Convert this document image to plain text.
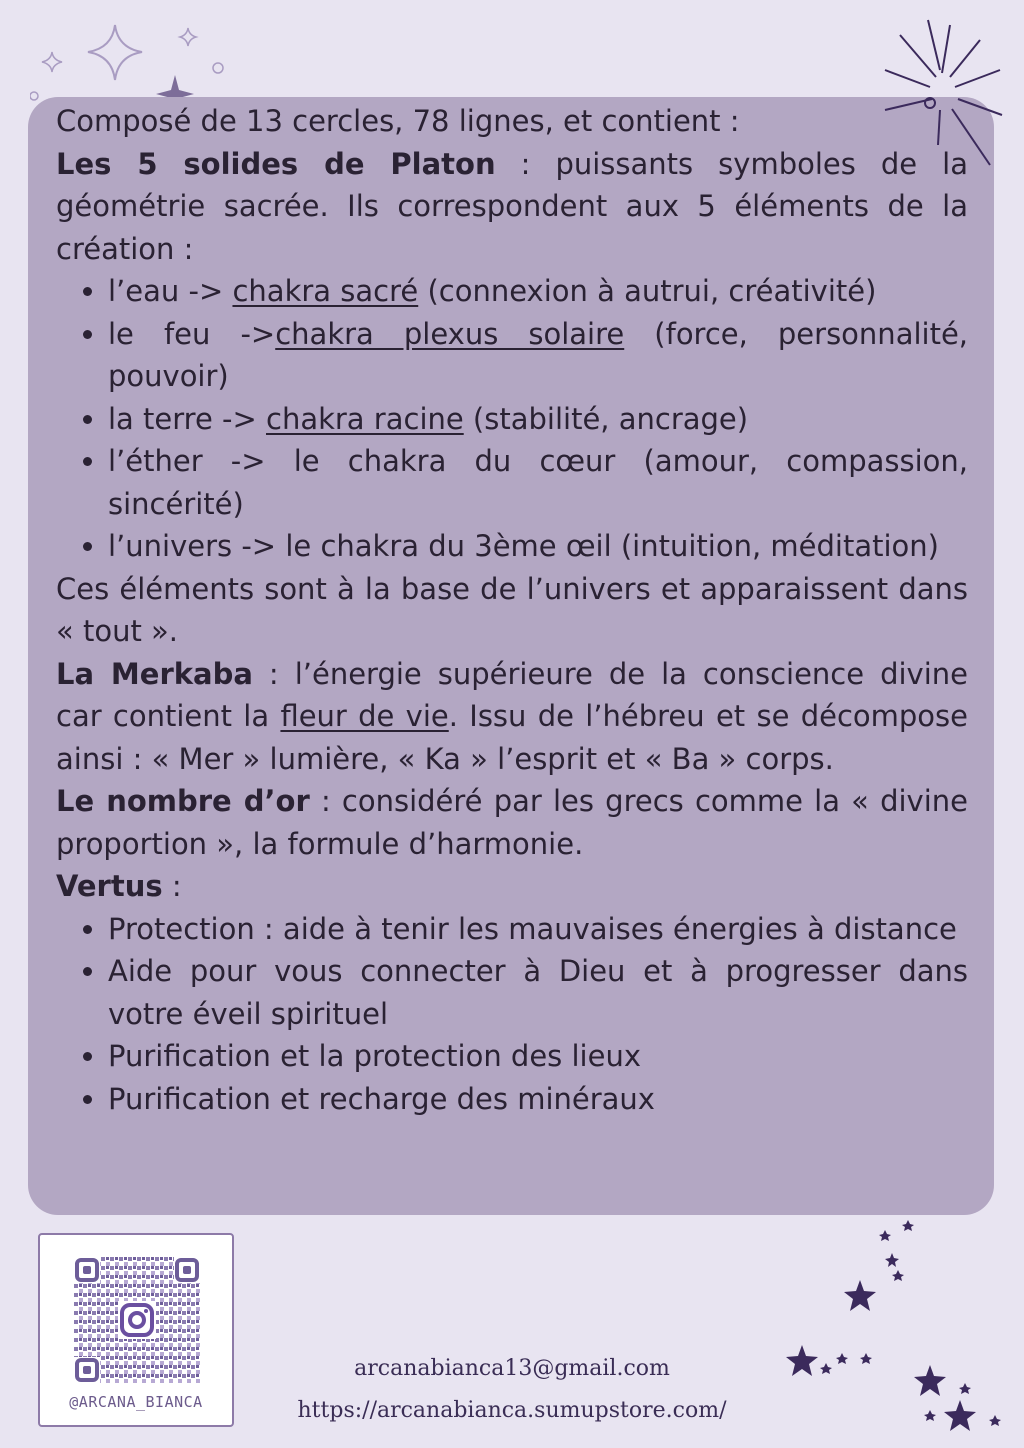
Composé de 13 cercles, 78 lignes, et contient :

Les 5 solides de Platon : puissants symboles de la géométrie sacrée. Ils correspondent aux 5 éléments de la création :

• l’eau -> chakra sacré (connexion à autrui, créativité)
• le feu ->chakra plexus solaire (force, personnalité, pouvoir)
• la terre -> chakra racine (stabilité, ancrage)
• l’éther -> le chakra du cœur (amour, compassion, sincérité)
• l’univers -> le chakra du 3ème œil (intuition, méditation)

Ces éléments sont à la base de l’univers et apparaissent dans « tout ».

La Merkaba : l’énergie supérieure de la conscience divine car contient la fleur de vie. Issu de l’hébreu et se décompose ainsi : « Mer » lumière, « Ka » l’esprit et « Ba » corps.

Le nombre d’or : considéré par les grecs comme la « divine proportion », la formule d’harmonie.

Vertus :

• Protection : aide à tenir les mauvaises énergies à distance
• Aide pour vous connecter à Dieu et à progresser dans votre éveil spirituel
• Purification et la protection des lieux
• Purification et recharge des minéraux
@ARCANA_BIANCA
arcanabianca13@gmail.com
https://arcanabianca.sumupstore.com/
